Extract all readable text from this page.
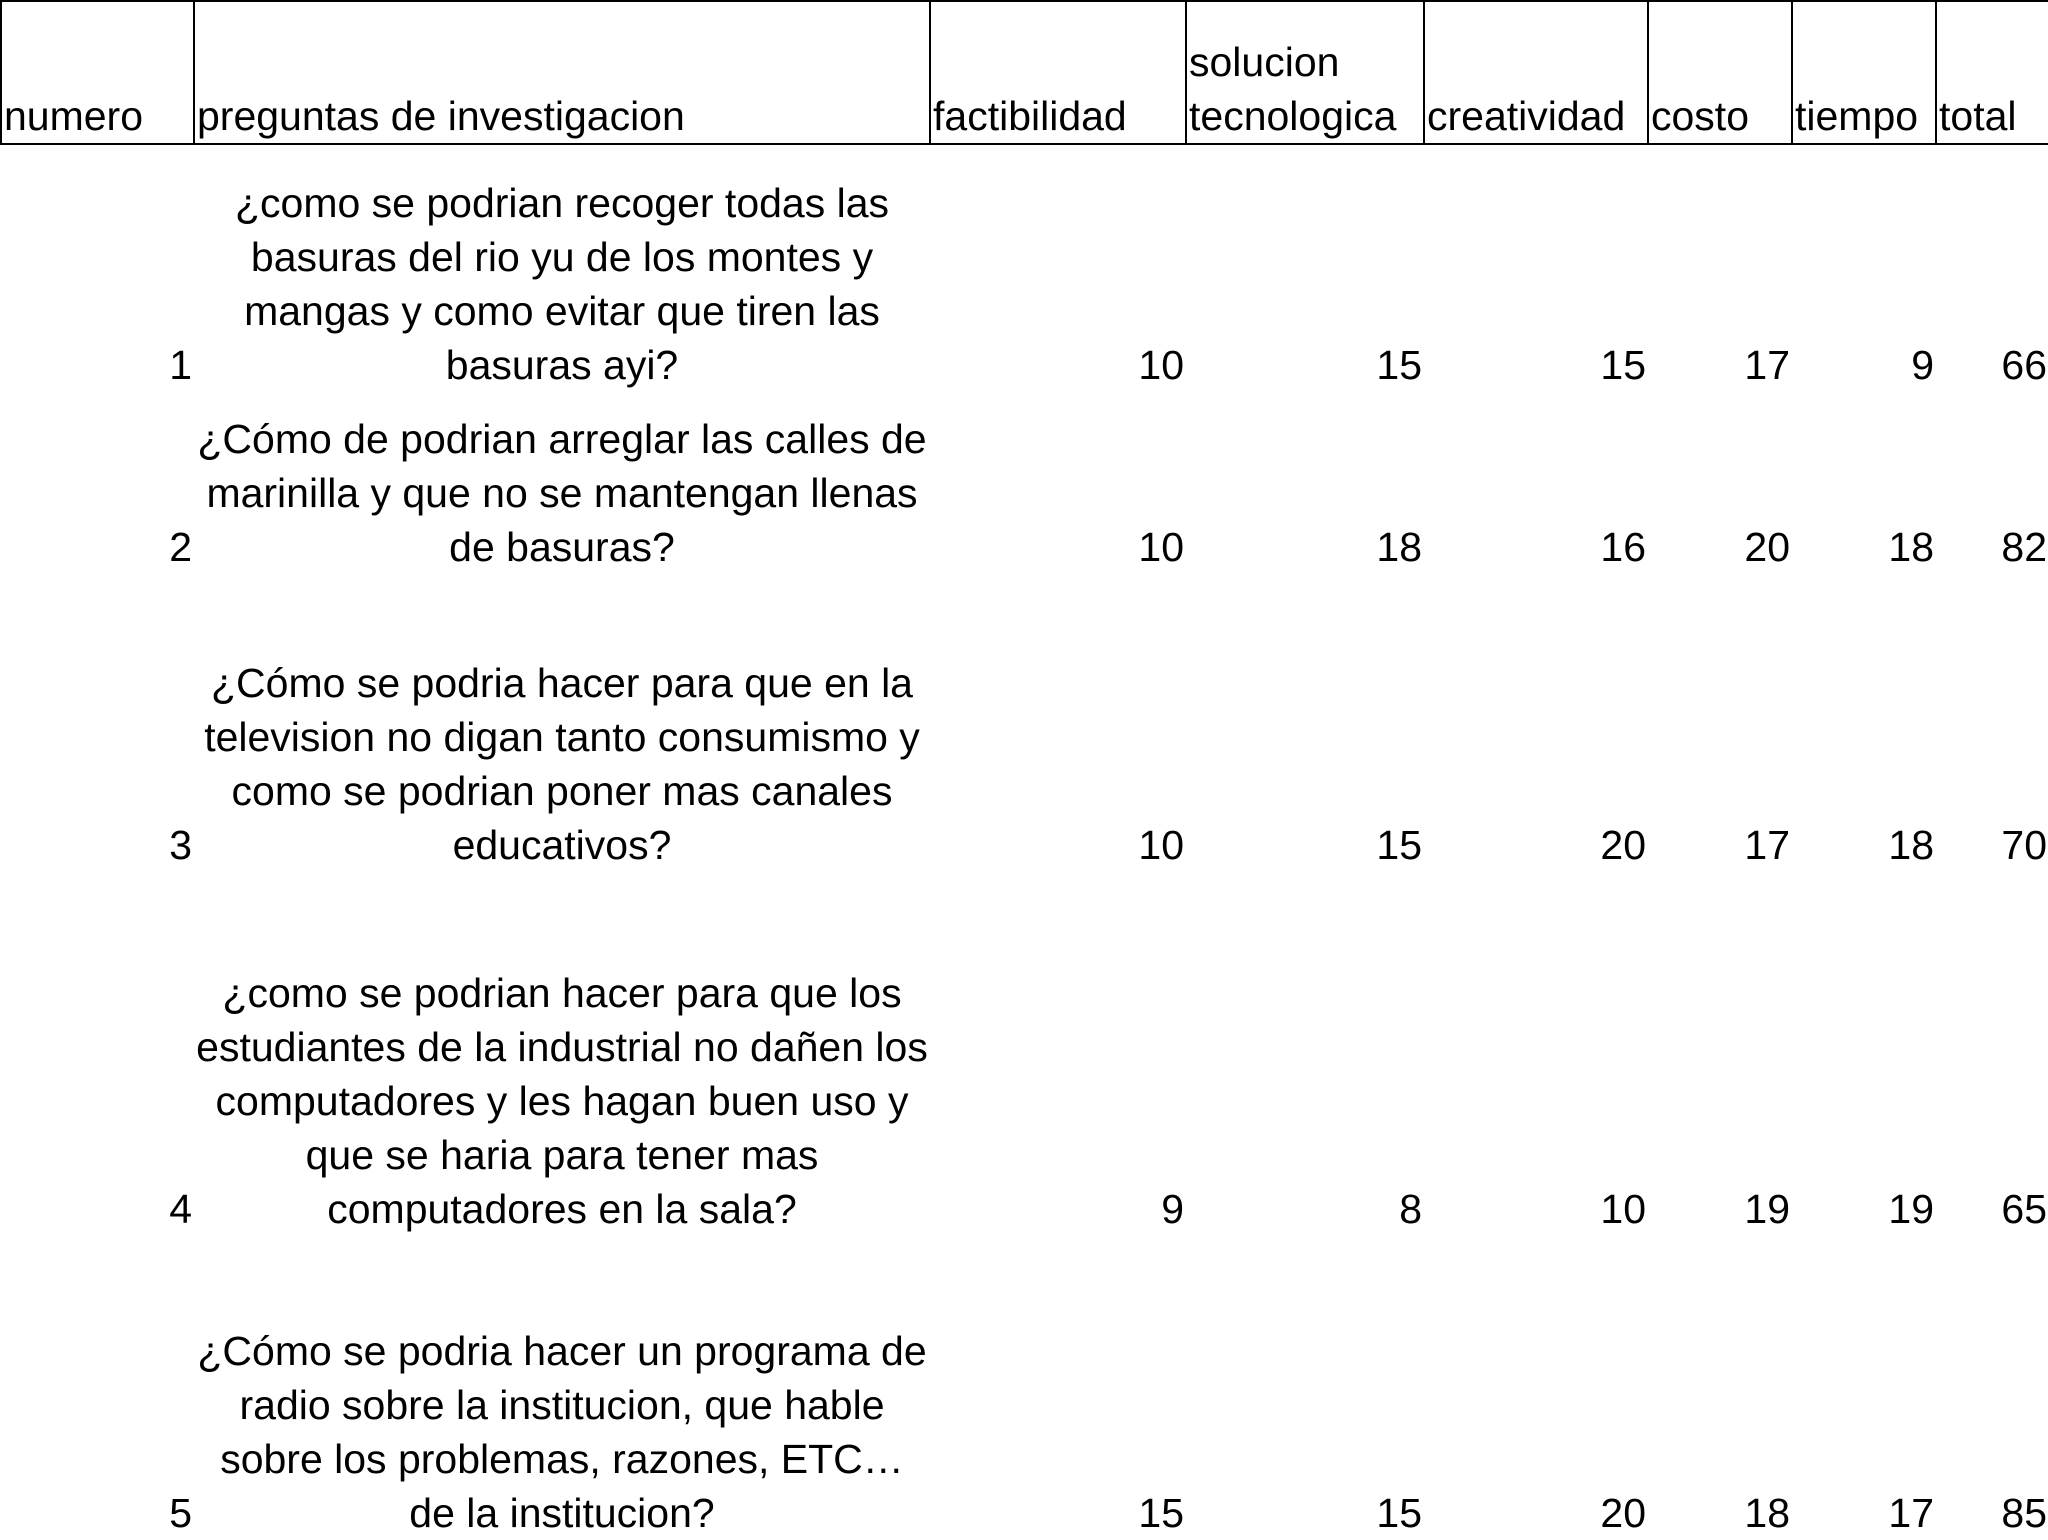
numero	preguntas de investigacion	factibilidad	solucion tecnologica	creatividad	costo	tiempo	total
1	¿como se podrian recoger todas las basuras del rio yu de los montes y mangas y como evitar que tiren las basuras ayi?	10	15	15	17	9	66
2	¿Cómo de podrian arreglar las calles de marinilla y que no se mantengan llenas de basuras?	10	18	16	20	18	82
3	¿Cómo se podria hacer para que en la television no digan tanto consumismo y como se podrian poner mas canales educativos?	10	15	20	17	18	70
4	¿como se podrian hacer para que los estudiantes de la industrial no dañen los computadores y les hagan buen uso y que se haria para tener mas computadores en la sala?	9	8	10	19	19	65
5	¿Cómo se podria hacer un programa de radio sobre la institucion, que hable sobre los problemas, razones, ETC… de la institucion?	15	15	20	18	17	85
